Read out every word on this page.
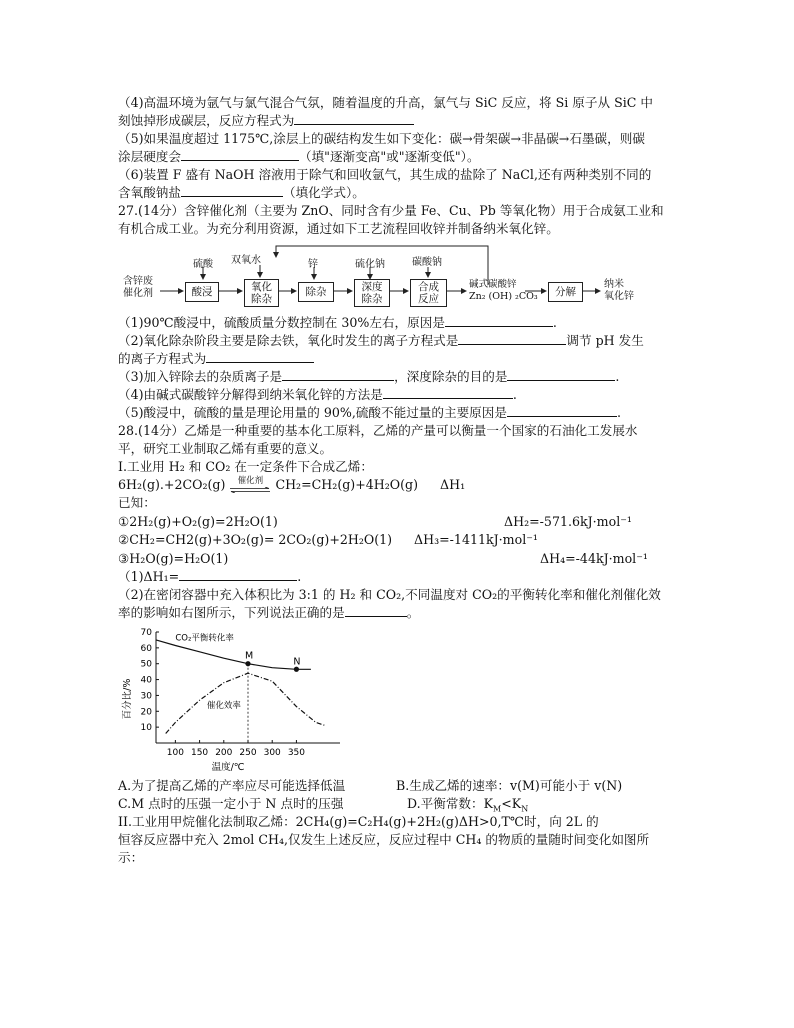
（4)高温环境为氩气与氯气混合气氛，随着温度的升高，氯气与 SiC 反应，将 Si 原子从 SiC 中
刻蚀掉形成碳层，反应方程式为
（5)如果温度超过 1175℃,涂层上的碳结构发生如下变化：碳→骨架碳→非晶碳→石墨碳，则碳
涂层硬度会	（填"逐渐变高"或"逐渐变低"）。
（6)装置 F 盛有 NaOH 溶液用于除气和回收氩气，其生成的盐除了 NaCl,还有两种类别不同的
含氧酸钠盐	（填化学式）。
27.(14分）含锌催化剂（主要为 ZnO、同时含有少量 Fe、Cu、Pb 等氧化物）用于合成氨工业和
有机合成工业。为充分利用资源，通过如下工艺流程回收锌并制备纳米氧化锌。
含锌废
催化剂
硫酸 双氧水	锌	硫化钠	碳酸钠
酸浸	氧化
除杂
除杂	深度
除杂
合成
反应
碱式碳酸锌
Zn₂ (OH) ₂CO₃ 分解
纳米
氧化锌
（1)90℃酸浸中，硫酸质量分数控制在 30%左右，原因是	.
（2)氧化除杂阶段主要是除去铁，氧化时发生的离子方程式是	调节 pH 发生
的离子方程式为
（3)加入锌除去的杂质离子是	，深度除杂的目的是	.
（4)由碱式碳酸锌分解得到纳米氧化锌的方法是	.
（5)酸浸中，硫酸的量是理论用量的 90%,硫酸不能过量的主要原因是	.
28.(14分）乙烯是一种重要的基本化工原料，乙烯的产量可以衡量一个国家的石油化工发展水
平，研究工业制取乙烯有重要的意义。
I.工业用 H₂ 和 CO₂ 在一定条件下合成乙烯：
6H₂(g).+2CO₂(g) 催化剂 CH₂=CH₂(g)+4H₂O(g) ΔH₁
已知：
①2H₂(g)+O₂(g)=2H₂O(1)	ΔH₂=-571.6kJ·mol⁻¹
②CH₂=CH2(g)+3O₂(g)= 2CO₂(g)+2H₂O(1) ΔH₃=-1411kJ·mol⁻¹
③H₂O(g)=H₂O(1)	ΔH₄=-44kJ·mol⁻¹
（1)ΔH₁=	.
（2)在密闭容器中充入体积比为 3:1 的 H₂ 和 CO₂,不同温度对 CO₂的平衡转化率和催化剂催化效
率的影响如右图所示，下列说法正确的是	。
百分比/%
温度/℃
10
20
30
40
50
60
70
100 150 200 250 300 350
CO₂平衡转化率
催化效率
M
N
A.为了提高乙烯的产率应尽可能选择低温	B.生成乙烯的速率：v(M)可能小于 v(N)
C.M 点时的压强一定小于 N 点时的压强	D.平衡常数：$K_M<K_N$
II.工业用甲烷催化法制取乙烯：2CH₄(g)=C₂H₄(g)+2H₂(g)ΔH>0,T℃时，向 2L 的
恒容反应器中充入 2mol CH₄,仅发生上述反应，反应过程中 CH₄ 的物质的量随时间变化如图所
示：
